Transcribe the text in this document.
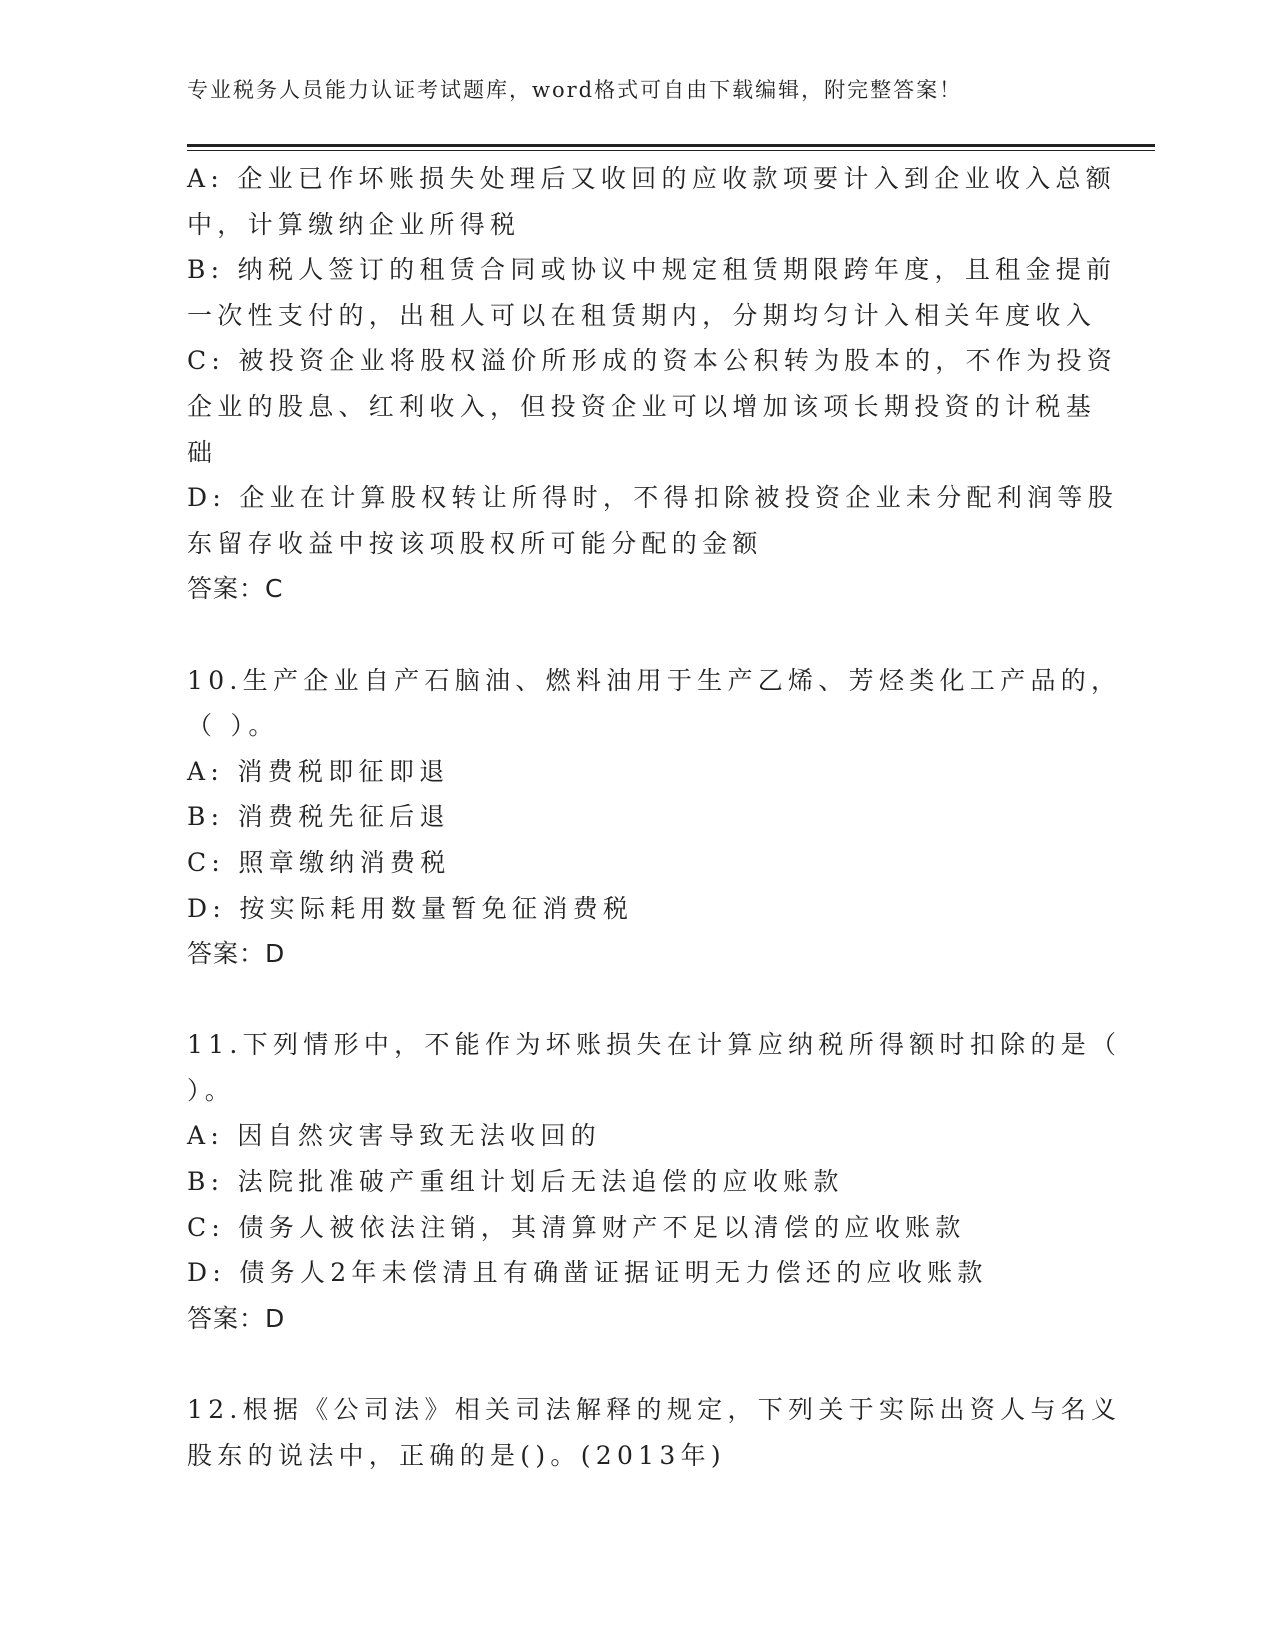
专业税务人员能力认证考试题库，word格式可自由下载编辑，附完整答案！
A: 企业已作坏账损失处理后又收回的应收款项要计入到企业收入总额
中，计算缴纳企业所得税
B: 纳税人签订的租赁合同或协议中规定租赁期限跨年度，且租金提前
一次性支付的，出租人可以在租赁期内，分期均匀计入相关年度收入
C: 被投资企业将股权溢价所形成的资本公积转为股本的，不作为投资
企业的股息、红利收入，但投资企业可以增加该项长期投资的计税基
础
D: 企业在计算股权转让所得时，不得扣除被投资企业未分配利润等股
东留存收益中按该项股权所可能分配的金额
答案：C
10.生产企业自产石脑油、燃料油用于生产乙烯、芳烃类化工产品的，
（ ）。
A: 消费税即征即退
B: 消费税先征后退
C: 照章缴纳消费税
D: 按实际耗用数量暂免征消费税
答案：D
11.下列情形中，不能作为坏账损失在计算应纳税所得额时扣除的是（
）。
A: 因自然灾害导致无法收回的
B: 法院批准破产重组计划后无法追偿的应收账款
C: 债务人被依法注销，其清算财产不足以清偿的应收账款
D: 债务人2年未偿清且有确凿证据证明无力偿还的应收账款
答案：D
12.根据《公司法》相关司法解释的规定，下列关于实际出资人与名义
股东的说法中，正确的是()。(2013年)
